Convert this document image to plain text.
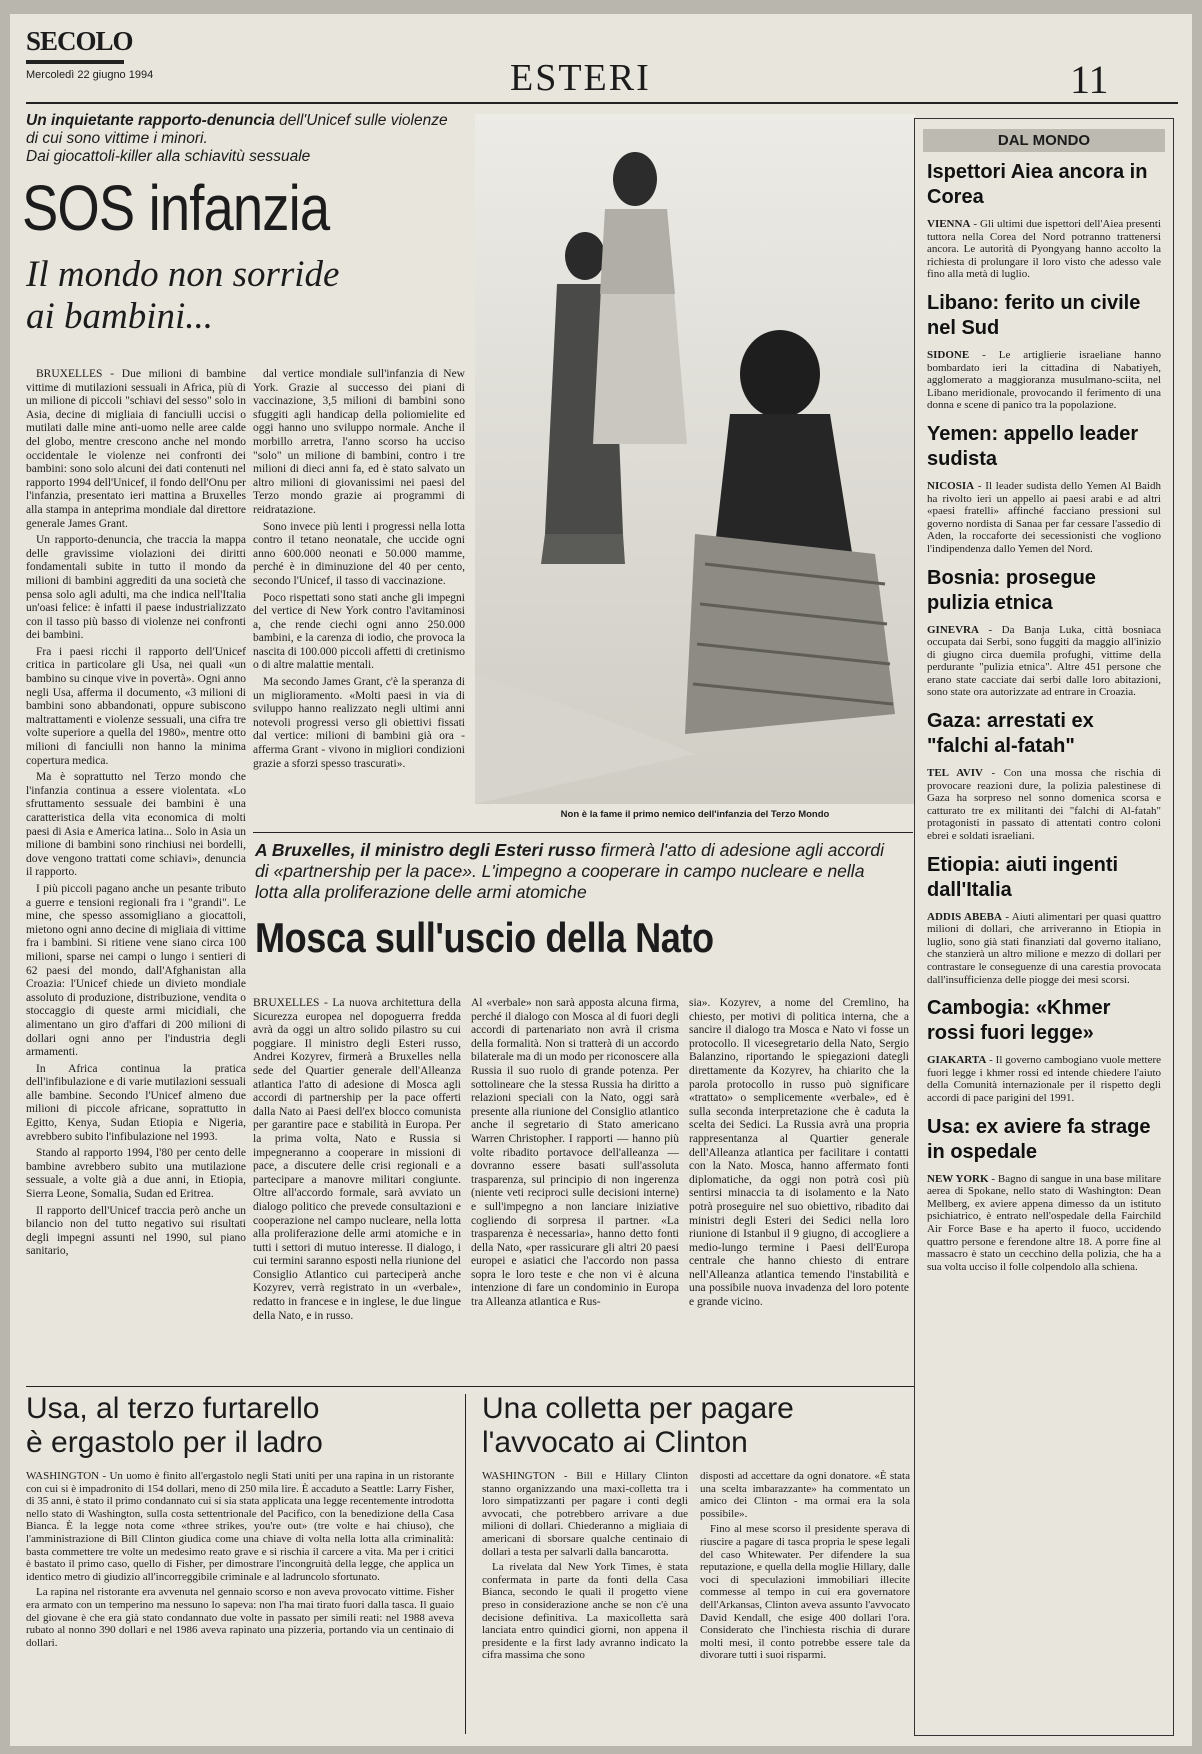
SECOLO
Mercoledì 22 giugno 1994	ESTERI	11
Un inquietante rapporto-denuncia dell'Unicef sulle violenze di cui sono vittime i minori.
Dai giocattoli-killer alla schiavitù sessuale
SOS infanzia
Il mondo non sorride
ai bambini...

BRUXELLES - Due milioni di bambine vittime di mutilazioni sessuali in Africa, più di un milione di piccoli "schiavi del sesso" solo in Asia, decine di migliaia di fanciulli uccisi o mutilati dalle mine anti-uomo nelle aree calde del globo, mentre crescono anche nel mondo occidentale le violenze nei confronti dei bambini: sono solo alcuni dei dati contenuti nel rapporto 1994 dell'Unicef, il fondo dell'Onu per l'infanzia, presentato ieri mattina a Bruxelles alla stampa in anteprima mondiale dal direttore generale James Grant.

Un rapporto-denuncia, che traccia la mappa delle gravissime violazioni dei diritti fondamentali subite in tutto il mondo da milioni di bambini aggrediti da una società che pensa solo agli adulti, ma che indica nell'Italia un'oasi felice: è infatti il paese industrializzato con il tasso più basso di violenze nei confronti dei bambini.

Fra i paesi ricchi il rapporto dell'Unicef critica in particolare gli Usa, nei quali «un bambino su cinque vive in povertà». Ogni anno negli Usa, afferma il documento, «3 milioni di bambini sono abbandonati, oppure subiscono maltrattamenti e violenze sessuali, una cifra tre volte superiore a quella del 1980», mentre otto milioni di fanciulli non hanno la minima copertura medica.

Ma è soprattutto nel Terzo mondo che l'infanzia continua a essere violentata. «Lo sfruttamento sessuale dei bambini è una caratteristica della vita economica di molti paesi di Asia e America latina... Solo in Asia un milione di bambini sono rinchiusi nei bordelli, dove vengono trattati come schiavi», denuncia il rapporto.

I più piccoli pagano anche un pesante tributo a guerre e tensioni regionali fra i "grandi". Le mine, che spesso assomigliano a giocattoli, mietono ogni anno decine di migliaia di vittime fra i bambini. Si ritiene vene siano circa 100 milioni, sparse nei campi o lungo i sentieri di 62 paesi del mondo, dall'Afghanistan alla Croazia: l'Unicef chiede un divieto mondiale assoluto di produzione, distribuzione, vendita o stoccaggio di queste armi micidiali, che alimentano un giro d'affari di 200 milioni di dollari ogni anno per l'industria degli armamenti.

In Africa continua la pratica dell'infibulazione e di varie mutilazioni sessuali alle bambine. Secondo l'Unicef almeno due milioni di piccole africane, soprattutto in Egitto, Kenya, Sudan Etiopia e Nigeria, avrebbero subito l'infibulazione nel 1993.

Stando al rapporto 1994, l'80 per cento delle bambine avrebbero subito una mutilazione sessuale, a volte già a due anni, in Etiopia, Sierra Leone, Somalia, Sudan ed Eritrea.

Il rapporto dell'Unicef traccia però anche un bilancio non del tutto negativo sui risultati degli impegni assunti nel 1990, sul piano sanitario,

dal vertice mondiale sull'infanzia di New York. Grazie al successo dei piani di vaccinazione, 3,5 milioni di bambini sono sfuggiti agli handicap della poliomielite ed oggi hanno uno sviluppo normale. Anche il morbillo arretra, l'anno scorso ha ucciso "solo" un milione di bambini, contro i tre milioni di dieci anni fa, ed è stato salvato un altro milioni di giovanissimi nei paesi del Terzo mondo grazie ai programmi di reidratazione.

Sono invece più lenti i progressi nella lotta contro il tetano neonatale, che uccide ogni anno 600.000 neonati e 50.000 mamme, perché è in diminuzione del 40 per cento, secondo l'Unicef, il tasso di vaccinazione.

Poco rispettati sono stati anche gli impegni del vertice di New York contro l'avitaminosi a, che rende ciechi ogni anno 250.000 bambini, e la carenza di iodio, che provoca la nascita di 100.000 piccoli affetti di cretinismo o di altre malattie mentali.

Ma secondo James Grant, c'è la speranza di un miglioramento. «Molti paesi in via di sviluppo hanno realizzato negli ultimi anni notevoli progressi verso gli obiettivi fissati dal vertice: milioni di bambini già ora - afferma Grant - vivono in migliori condizioni grazie a sforzi spesso trascurati».

Non è la fame il primo nemico dell'infanzia del Terzo Mondo
A Bruxelles, il ministro degli Esteri russo firmerà l'atto di adesione agli accordi di «partnership per la pace». L'impegno a cooperare in campo nucleare e nella lotta alla proliferazione delle armi atomiche
Mosca sull'uscio della Nato

BRUXELLES - La nuova architettura della Sicurezza europea nel dopoguerra fredda avrà da oggi un altro solido pilastro su cui poggiare. Il ministro degli Esteri russo, Andrei Kozyrev, firmerà a Bruxelles nella sede del Quartier generale dell'Alleanza atlantica l'atto di adesione di Mosca agli accordi di partnership per la pace offerti dalla Nato ai Paesi dell'ex blocco comunista per garantire pace e stabilità in Europa. Per la prima volta, Nato e Russia si impegneranno a cooperare in missioni di pace, a discutere delle crisi regionali e a partecipare a manovre militari congiunte. Oltre all'accordo formale, sarà avviato un dialogo politico che prevede consultazioni e cooperazione nel campo nucleare, nella lotta alla proliferazione delle armi atomiche e in tutti i settori di mutuo interesse. Il dialogo, i cui termini saranno esposti nella riunione del Consiglio Atlantico cui parteciperà anche Kozyrev, verrà registrato in un «verbale», redatto in francese e in inglese, le due lingue della Nato, e in russo.

Al «verbale» non sarà apposta alcuna firma, perché il dialogo con Mosca al di fuori degli accordi di partenariato non avrà il crisma della formalità. Non si tratterà di un accordo bilaterale ma di un modo per riconoscere alla Russia il suo ruolo di grande potenza. Per sottolineare che la stessa Russia ha diritto a relazioni speciali con la Nato, oggi sarà presente alla riunione del Consiglio atlantico anche il segretario di Stato americano Warren Christopher. I rapporti — hanno più volte ribadito portavoce dell'alleanza — dovranno essere basati sull'assoluta trasparenza, sul principio di non ingerenza (niente veti reciproci sulle decisioni interne) e sull'impegno a non lanciare iniziative cogliendo di sorpresa il partner. «La trasparenza è necessaria», hanno detto fonti della Nato, «per rassicurare gli altri 20 paesi europei e asiatici che l'accordo non passa sopra le loro teste e che non vi è alcuna intenzione di fare un condominio in Europa tra Alleanza atlantica e Rus-

sia». Kozyrev, a nome del Cremlino, ha chiesto, per motivi di politica interna, che a sancire il dialogo tra Mosca e Nato vi fosse un protocollo. Il vicesegretario della Nato, Sergio Balanzino, riportando le spiegazioni dategli direttamente da Kozyrev, ha chiarito che la parola protocollo in russo può significare «trattato» o semplicemente «verbale», ed è sulla seconda interpretazione che è caduta la scelta dei Sedici. La Russia avrà una propria rappresentanza al Quartier generale dell'Alleanza atlantica per facilitare i contatti con la Nato. Mosca, hanno affermato fonti diplomatiche, da oggi non potrà così più sentirsi minaccia ta di isolamento e la Nato potrà proseguire nel suo obiettivo, ribadito dai ministri degli Esteri dei Sedici nella loro riunione di Istanbul il 9 giugno, di accogliere a medio-lungo termine i Paesi dell'Europa centrale che hanno chiesto di entrare nell'Alleanza atlantica temendo l'instabilità e una possibile nuova invadenza del loro potente e grande vicino.

Usa, al terzo furtarello
è ergastolo per il ladro

WASHINGTON - Un uomo è finito all'ergastolo negli Stati uniti per una rapina in un ristorante con cui si è impadronito di 154 dollari, meno di 250 mila lire. È accaduto a Seattle: Larry Fisher, di 35 anni, è stato il primo condannato cui si sia stata applicata una legge recentemente introdotta nello stato di Washington, sulla costa settentrionale del Pacifico, con la benedizione della Casa Bianca. È la legge nota come «three strikes, you're out» (tre volte e hai chiuso), che l'amministrazione di Bill Clinton giudica come una chiave di volta nella lotta alla criminalità: basta commettere tre volte un medesimo reato grave e si rischia il carcere a vita. Ma per i critici è bastato il primo caso, quello di Fisher, per dimostrare l'incongruità della legge, che applica un identico metro di giudizio all'incorreggibile criminale e al ladruncolo sfortunato.

La rapina nel ristorante era avvenuta nel gennaio scorso e non aveva provocato vittime. Fisher era armato con un temperino ma nessuno lo sapeva: non l'ha mai tirato fuori dalla tasca. Il guaio del giovane è che era già stato condannato due volte in passato per simili reati: nel 1988 aveva rubato al nonno 390 dollari e nel 1986 aveva rapinato una pizzeria, portando via un centinaio di dollari.

Una colletta per pagare
l'avvocato ai Clinton

WASHINGTON - Bill e Hillary Clinton stanno organizzando una maxi-colletta tra i loro simpatizzanti per pagare i conti degli avvocati, che potrebbero arrivare a due milioni di dollari. Chiederanno a migliaia di americani di sborsare qualche centinaio di dollari a testa per salvarli dalla bancarotta.

La rivelata dal New York Times, è stata confermata in parte da fonti della Casa Bianca, secondo le quali il progetto viene preso in considerazione anche se non c'è una decisione definitiva. La maxicolletta sarà lanciata entro quindici giorni, non appena il presidente e la first lady avranno indicato la cifra massima che sono

disposti ad accettare da ogni donatore. «È stata una scelta imbarazzante» ha commentato un amico dei Clinton - ma ormai era la sola possibile».

Fino al mese scorso il presidente sperava di riuscire a pagare di tasca propria le spese legali del caso Whitewater. Per difendere la sua reputazione, e quella della moglie Hillary, dalle voci di speculazioni immobiliari illecite commesse al tempo in cui era governatore dell'Arkansas, Clinton aveva assunto l'avvocato David Kendall, che esige 400 dollari l'ora. Considerato che l'inchiesta rischia di durare molti mesi, il conto potrebbe essere tale da divorare tutti i suoi risparmi.

DAL MONDO

Ispettori Aiea ancora in Corea

VIENNA - Gli ultimi due ispettori dell'Aiea presenti tuttora nella Corea del Nord potranno trattenersi ancora. Le autorità di Pyongyang hanno accolto la richiesta di prolungare il loro visto che adesso vale fino alla metà di luglio.

Libano: ferito un civile nel Sud

SIDONE - Le artiglierie israeliane hanno bombardato ieri la cittadina di Nabatiyeh, agglomerato a maggioranza musulmano-sciita, nel Libano meridionale, provocando il ferimento di una donna e scene di panico tra la popolazione.

Yemen: appello leader sudista

NICOSIA - Il leader sudista dello Yemen Al Baidh ha rivolto ieri un appello ai paesi arabi e ad altri «paesi fratelli» affinché facciano pressioni sul governo nordista di Sanaa per far cessare l'assedio di Aden, la roccaforte dei secessionisti che vogliono l'indipendenza dallo Yemen del Nord.

Bosnia: prosegue pulizia etnica

GINEVRA - Da Banja Luka, città bosniaca occupata dai Serbi, sono fuggiti da maggio all'inizio di giugno circa duemila profughi, vittime della perdurante "pulizia etnica". Altre 451 persone che erano state cacciate dai serbi dalle loro abitazioni, sono state ora autorizzate ad entrare in Croazia.

Gaza: arrestati ex "falchi al-fatah"

TEL AVIV - Con una mossa che rischia di provocare reazioni dure, la polizia palestinese di Gaza ha sorpreso nel sonno domenica scorsa e catturato tre ex militanti dei "falchi di Al-fatah" protagonisti in passato di attentati contro coloni ebrei e soldati israeliani.

Etiopia: aiuti ingenti dall'Italia

ADDIS ABEBA - Aiuti alimentari per quasi quattro milioni di dollari, che arriveranno in Etiopia in luglio, sono già stati finanziati dal governo italiano, che stanzierà un altro milione e mezzo di dollari per contrastare le conseguenze di una carestia provocata dall'insufficienza delle piogge dei mesi scorsi.

Cambogia: «Khmer rossi fuori legge»

GIAKARTA - Il governo cambogiano vuole mettere fuori legge i khmer rossi ed intende chiedere l'aiuto della Comunità internazionale per il rispetto degli accordi di pace parigini del 1991.

Usa: ex aviere fa strage in ospedale

NEW YORK - Bagno di sangue in una base militare aerea di Spokane, nello stato di Washington: Dean Mellberg, ex aviere appena dimesso da un istituto psichiatrico, è entrato nell'ospedale della Fairchild Air Force Base e ha aperto il fuoco, uccidendo quattro persone e ferendone altre 18. A porre fine al massacro è stato un cecchino della polizia, che ha a sua volta ucciso il folle colpendolo alla schiena.
